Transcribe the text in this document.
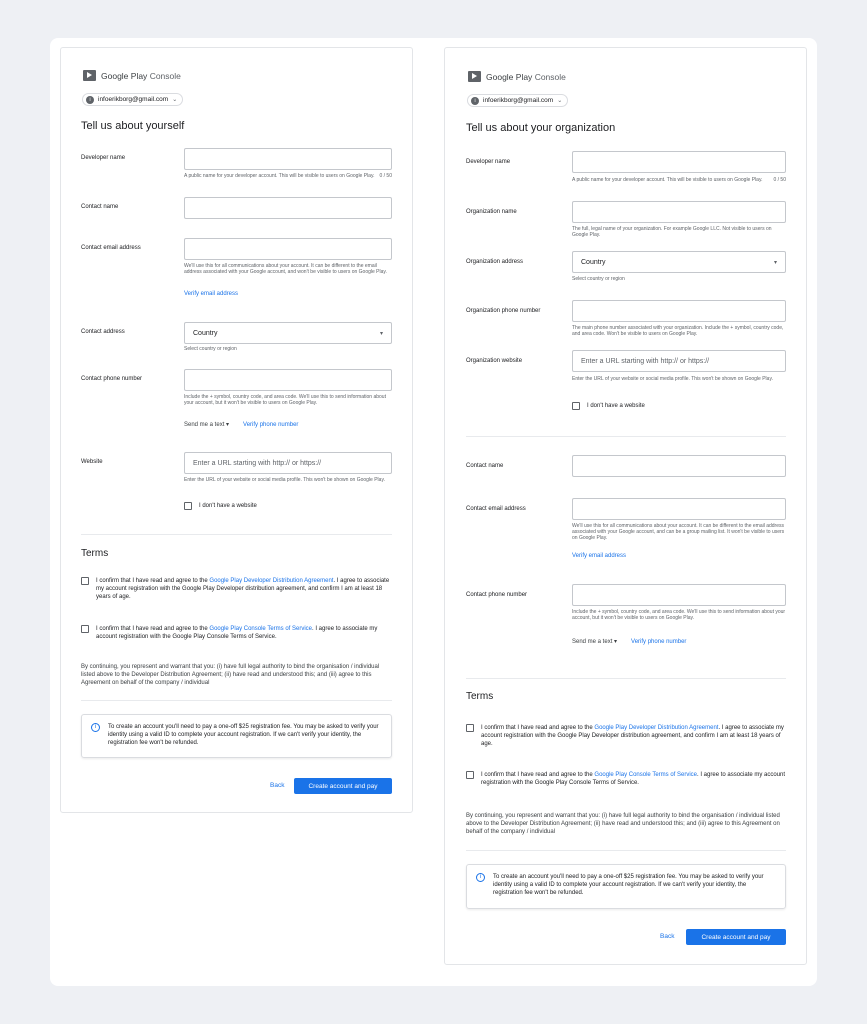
Google Play Console
i	infoerikborg@gmail.com ⌄
Tell us about yourself
Developer name
0 / 50
A public name for your developer account. This will be visible to users on Google Play.
Contact name
Contact email address
We'll use this for all communications about your account. It can be different to the email address associated with your Google account, and won't be visible to users on Google Play.
Verify email address
Contact address	Country	▾
Select country or region
Contact phone number
Include the + symbol, country code, and area code. We'll use this to send information about your account, but it won't be visible to users on Google Play.
Send me a text ▾ Verify phone number
Website	Enter a URL starting with http:// or https://
Enter the URL of your website or social media profile. This won't be shown on Google Play.
I don't have a website
Terms
I confirm that I have read and agree to the Google Play Developer Distribution Agreement. I agree to associate my account registration with the Google Play Developer distribution agreement, and confirm I am at least 18 years of age.
I confirm that I have read and agree to the Google Play Console Terms of Service. I agree to associate my account registration with the Google Play Console Terms of Service.
By continuing, you represent and warrant that you: (i) have full legal authority to bind the organisation / individual listed above to the Developer Distribution Agreement; (ii) have read and understood this; and (iii) agree to this Agreement on behalf of the company / individual
i	To create an account you'll need to pay a one-off $25 registration fee. You may be asked to verify your identity using a valid ID to complete your account registration. If we can't verify your identity, the registration fee won't be refunded.
Back	Create account and pay
Google Play Console
i	infoerikborg@gmail.com ⌄
Tell us about your organization
Developer name
0 / 50
A public name for your developer account. This will be visible to users on Google Play.
Organization name
The full, legal name of your organization. For example Google LLC. Not visible to users on Google Play.
Organization address	Country	▾
Select country or region
Organization phone number
The main phone number associated with your organization. Include the + symbol, country code, and area code. Won't be visible to users on Google Play.
Organization website	Enter a URL starting with http:// or https://
Enter the URL of your website or social media profile. This won't be shown on Google Play.
I don't have a website
Contact name
Contact email address
We'll use this for all communications about your account. It can be different to the email address associated with your Google account, and can be a group mailing list. It won't be visible to users on Google Play.
Verify email address
Contact phone number
Include the + symbol, country code, and area code. We'll use this to send information about your account, but it won't be visible to users on Google Play.
Send me a text ▾ Verify phone number
Terms
I confirm that I have read and agree to the Google Play Developer Distribution Agreement. I agree to associate my account registration with the Google Play Developer distribution agreement, and confirm I am at least 18 years of age.
I confirm that I have read and agree to the Google Play Console Terms of Service. I agree to associate my account registration with the Google Play Console Terms of Service.
By continuing, you represent and warrant that you: (i) have full legal authority to bind the organisation / individual listed above to the Developer Distribution Agreement; (ii) have read and understood this; and (iii) agree to this Agreement on behalf of the company / individual
i	To create an account you'll need to pay a one-off $25 registration fee. You may be asked to verify your identity using a valid ID to complete your account registration. If we can't verify your identity, the registration fee won't be refunded.
Back	Create account and pay
